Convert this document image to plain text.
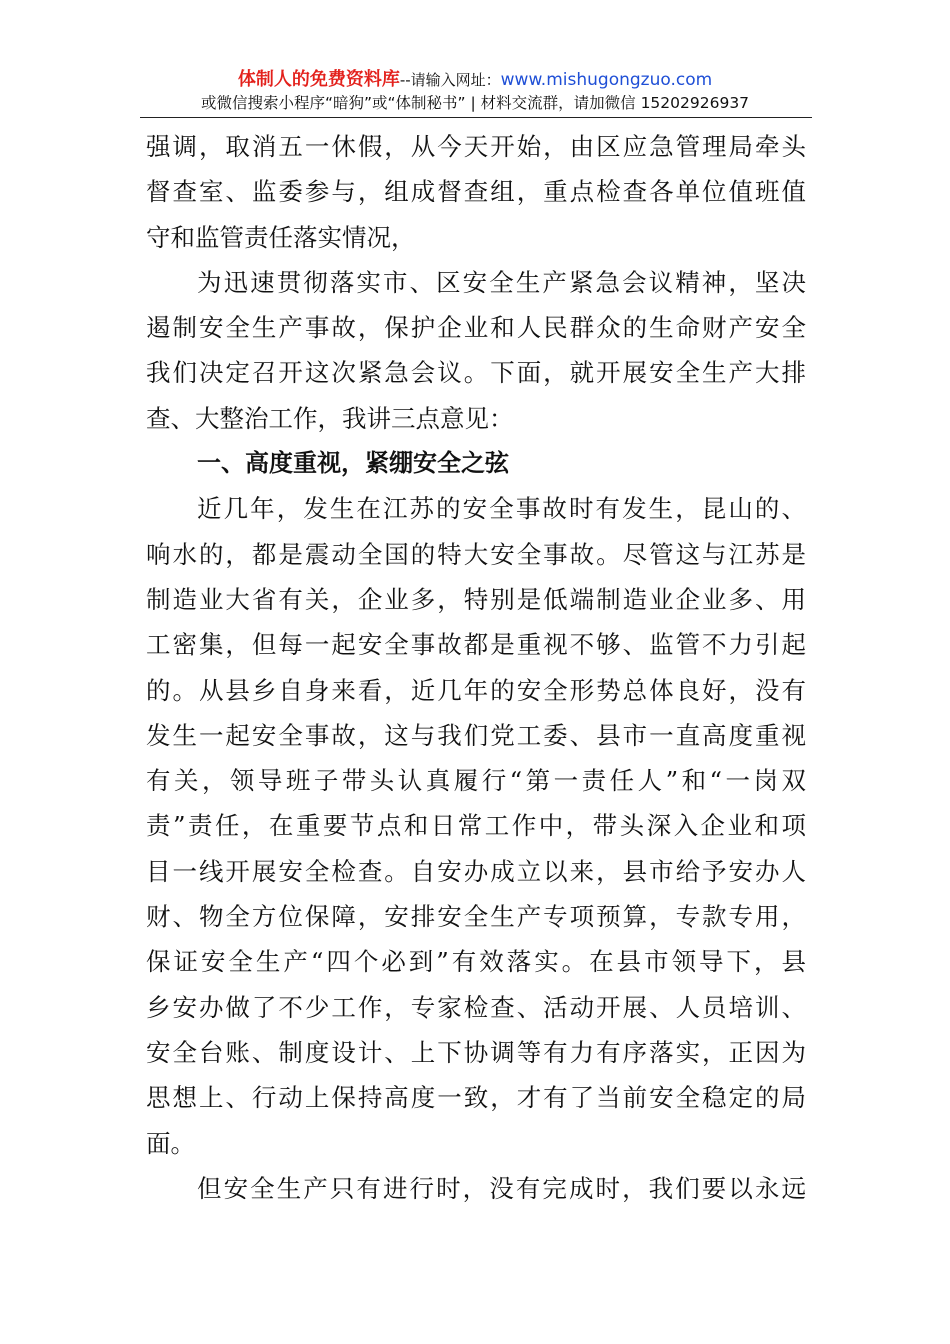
体制人的免费资料库--请输入网址：www.mishugongzuo.com
或微信搜索小程序“暗狗”或“体制秘书” | 材料交流群，请加微信 15202926937
强调，取消五一休假，从今天开始，由区应急管理局牵头
督查室、监委参与，组成督查组，重点检查各单位值班值
守和监管责任落实情况，
为迅速贯彻落实市、区安全生产紧急会议精神，坚决
遏制安全生产事故，保护企业和人民群众的生命财产安全
我们决定召开这次紧急会议。下面，就开展安全生产大排
查、大整治工作，我讲三点意见：
一、高度重视，紧绷安全之弦
近几年，发生在江苏的安全事故时有发生，昆山的、
响水的，都是震动全国的特大安全事故。尽管这与江苏是
制造业大省有关，企业多，特别是低端制造业企业多、用
工密集，但每一起安全事故都是重视不够、监管不力引起
的。从县乡自身来看，近几年的安全形势总体良好，没有
发生一起安全事故，这与我们党工委、县市一直高度重视
有关，领导班子带头认真履行“第一责任人”和“一岗双
责”责任，在重要节点和日常工作中，带头深入企业和项
目一线开展安全检查。自安办成立以来，县市给予安办人
财、物全方位保障，安排安全生产专项预算，专款专用，
保证安全生产“四个必到”有效落实。在县市领导下，县
乡安办做了不少工作，专家检查、活动开展、人员培训、
安全台账、制度设计、上下协调等有力有序落实，正因为
思想上、行动上保持高度一致，才有了当前安全稳定的局
面。
但安全生产只有进行时，没有完成时，我们要以永远
